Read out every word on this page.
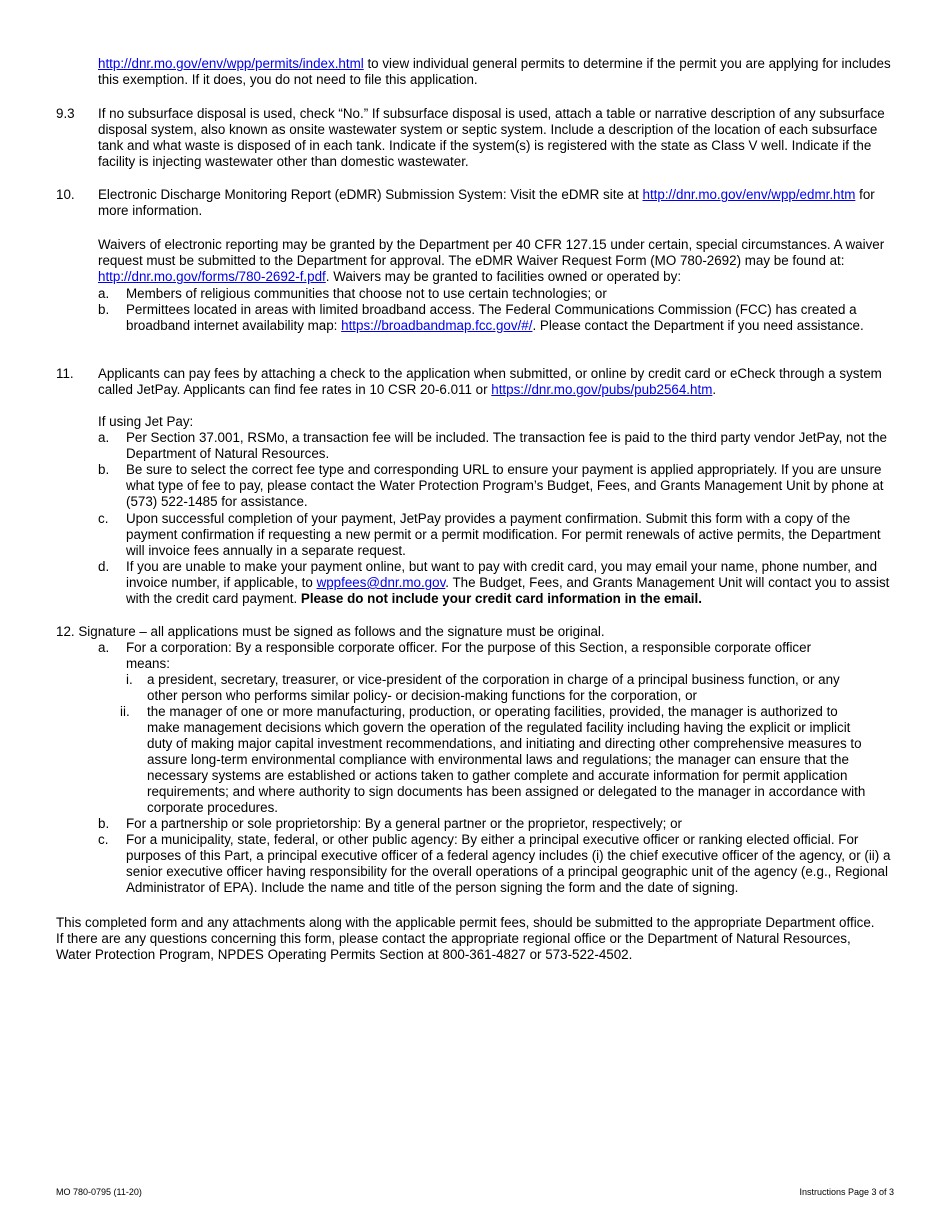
http://dnr.mo.gov/env/wpp/permits/index.html to view individual general permits to determine if the permit you are applying for includes this exemption. If it does, you do not need to file this application.
9.3 If no subsurface disposal is used, check “No.” If subsurface disposal is used, attach a table or narrative description of any subsurface disposal system, also known as onsite wastewater system or septic system. Include a description of the location of each subsurface tank and what waste is disposed of in each tank. Indicate if the system(s) is registered with the state as Class V well. Indicate if the facility is injecting wastewater other than domestic wastewater.
10. Electronic Discharge Monitoring Report (eDMR) Submission System: Visit the eDMR site at http://dnr.mo.gov/env/wpp/edmr.htm for more information.
Waivers of electronic reporting may be granted by the Department per 40 CFR 127.15 under certain, special circumstances. A waiver request must be submitted to the Department for approval. The eDMR Waiver Request Form (MO 780-2692) may be found at: http://dnr.mo.gov/forms/780-2692-f.pdf. Waivers may be granted to facilities owned or operated by:
a.	Members of religious communities that choose not to use certain technologies; or
b.	Permittees located in areas with limited broadband access. The Federal Communications Commission (FCC) has created a broadband internet availability map: https://broadbandmap.fcc.gov/#/. Please contact the Department if you need assistance.
11. Applicants can pay fees by attaching a check to the application when submitted, or online by credit card or eCheck through a system called JetPay. Applicants can find fee rates in 10 CSR 20-6.011 or https://dnr.mo.gov/pubs/pub2564.htm.
If using Jet Pay:
a.	Per Section 37.001, RSMo, a transaction fee will be included. The transaction fee is paid to the third party vendor JetPay, not the Department of Natural Resources.
b.	Be sure to select the correct fee type and corresponding URL to ensure your payment is applied appropriately. If you are unsure what type of fee to pay, please contact the Water Protection Program’s Budget, Fees, and Grants Management Unit by phone at (573) 522-1485 for assistance.
c.	Upon successful completion of your payment, JetPay provides a payment confirmation. Submit this form with a copy of the payment confirmation if requesting a new permit or a permit modification. For permit renewals of active permits, the Department will invoice fees annually in a separate request.
d.	If you are unable to make your payment online, but want to pay with credit card, you may email your name, phone number, and invoice number, if applicable, to wppfees@dnr.mo.gov. The Budget, Fees, and Grants Management Unit will contact you to assist with the credit card payment. Please do not include your credit card information in the email.
12. Signature – all applications must be signed as follows and the signature must be original.
a.	For a corporation: By a responsible corporate officer. For the purpose of this Section, a responsible corporate officer means:
i.	a president, secretary, treasurer, or vice-president of the corporation in charge of a principal business function, or any other person who performs similar policy- or decision-making functions for the corporation, or
ii.	the manager of one or more manufacturing, production, or operating facilities, provided, the manager is authorized to make management decisions which govern the operation of the regulated facility including having the explicit or implicit duty of making major capital investment recommendations, and initiating and directing other comprehensive measures to assure long-term environmental compliance with environmental laws and regulations; the manager can ensure that the necessary systems are established or actions taken to gather complete and accurate information for permit application requirements; and where authority to sign documents has been assigned or delegated to the manager in accordance with corporate procedures.
b.	For a partnership or sole proprietorship: By a general partner or the proprietor, respectively; or
c.	For a municipality, state, federal, or other public agency: By either a principal executive officer or ranking elected official. For purposes of this Part, a principal executive officer of a federal agency includes (i) the chief executive officer of the agency, or (ii) a senior executive officer having responsibility for the overall operations of a principal geographic unit of the agency (e.g., Regional Administrator of EPA). Include the name and title of the person signing the form and the date of signing.
This completed form and any attachments along with the applicable permit fees, should be submitted to the appropriate Department office. If there are any questions concerning this form, please contact the appropriate regional office or the Department of Natural Resources, Water Protection Program, NPDES Operating Permits Section at 800-361-4827 or 573-522-4502.
MO 780-0795 (11-20)	Instructions Page 3 of 3
